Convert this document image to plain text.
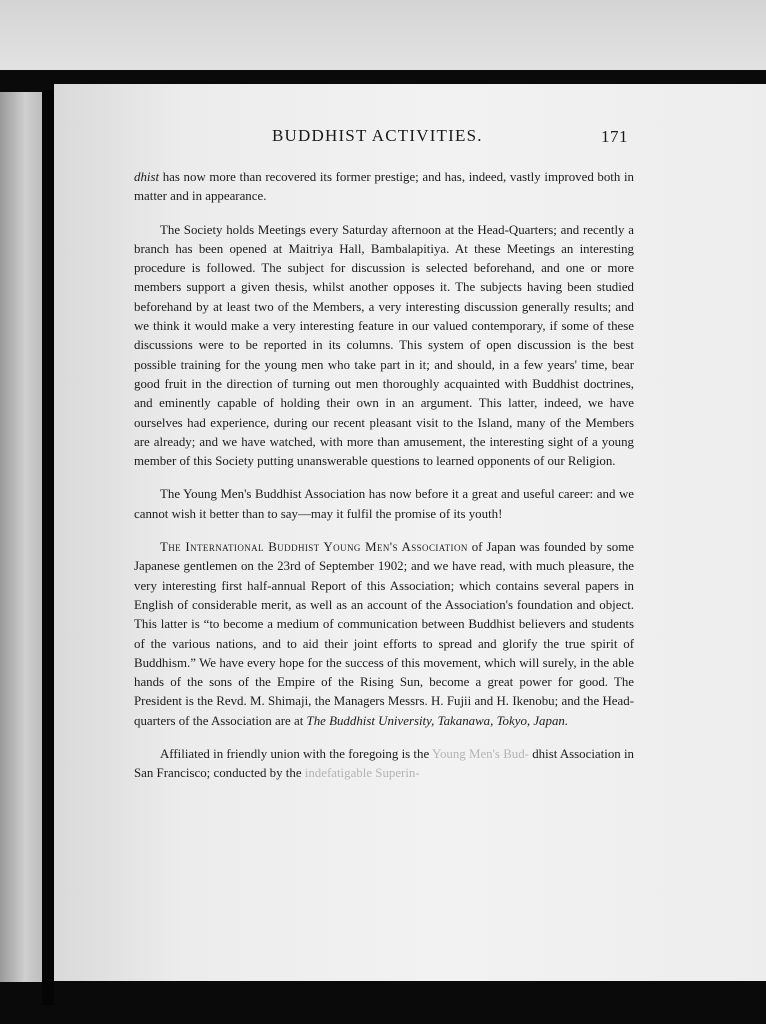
BUDDHIST ACTIVITIES.	171

dhist has now more than recovered its former prestige; and has, indeed, vastly improved both in matter and in appearance.

The Society holds Meetings every Saturday afternoon at the Head-Quarters; and recently a branch has been opened at Maitriya Hall, Bambalapitiya. At these Meetings an interesting procedure is followed. The subject for discussion is selected beforehand, and one or more members support a given thesis, whilst another opposes it. The subjects having been studied beforehand by at least two of the Members, a very interesting discussion generally results; and we think it would make a very interesting feature in our valued contemporary, if some of these discussions were to be reported in its columns. This system of open discussion is the best possible training for the young men who take part in it; and should, in a few years' time, bear good fruit in the direction of turning out men thoroughly acquainted with Buddhist doctrines, and eminently capable of holding their own in an argument. This latter, indeed, we have ourselves had experience, during our recent pleasant visit to the Island, many of the Members are already; and we have watched, with more than amusement, the interesting sight of a young member of this Society putting unanswerable questions to learned opponents of our Religion.

The Young Men's Buddhist Association has now before it a great and useful career: and we cannot wish it better than to say—may it fulfil the promise of its youth!

The International Buddhist Young Men's Association of Japan was founded by some Japanese gentlemen on the 23rd of September 1902; and we have read, with much pleasure, the very interesting first half-annual Report of this Association; which contains several papers in English of considerable merit, as well as an account of the Association's foundation and object. This latter is “to become a medium of communication between Buddhist believers and students of the various nations, and to aid their joint efforts to spread and glorify the true spirit of Buddhism.” We have every hope for the success of this movement, which will surely, in the able hands of the sons of the Empire of the Rising Sun, become a great power for good. The President is the Revd. M. Shimaji, the Managers Messrs. H. Fujii and H. Ikenobu; and the Head-quarters of the Association are at The Buddhist University, Takanawa, Tokyo, Japan.

Affiliated in friendly union with the foregoing is the Young Men's Bud- dhist Association in San Francisco; conducted by the indefatigable Superin-
